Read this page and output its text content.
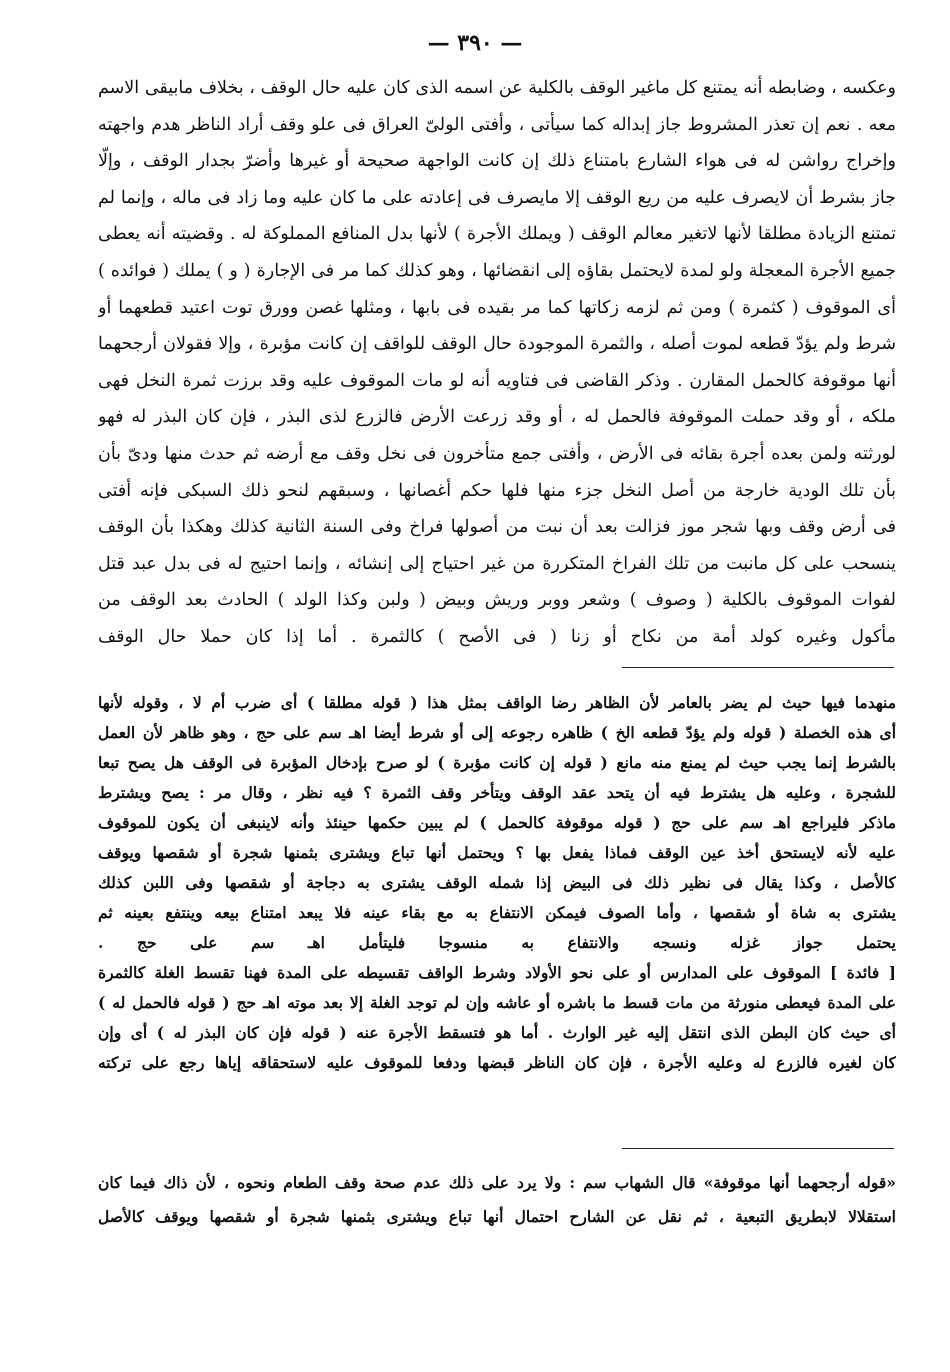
— ٣٩٠ —
وعكسه ، وضابطه أنه يمتنع كل ماغير الوقف بالكلية عن اسمه الذى كان عليه حال الوقف ، بخلاف مابيقى الاسم
معه . نعم إن تعذر المشروط جاز إبداله كما سيأتى ، وأفتى الولىّ العراق فى علو وقف أراد الناظر هدم واجهته
وإخراج رواشن له فى هواء الشارع بامتناع ذلك إن كانت الواجهة صحيحة أو غيرها وأضرّ بجدار الوقف ، وإلّا
جاز بشرط أن لايصرف عليه من ريع الوقف إلا مايصرف فى إعادته على ما كان عليه وما زاد فى ماله ، وإنما لم
تمتنع الزيادة مطلقا لأنها لاتغير معالم الوقف ( ويملك الأجرة ) لأنها بدل المنافع المملوكة له . وقضيته أنه يعطى
جميع الأجرة المعجلة ولو لمدة لايحتمل بقاؤه إلى انقضائها ، وهو كذلك كما مر فى الإجارة ( و ) يملك ( فوائده )
أى الموقوف ( كثمرة ) ومن ثم لزمه زكاتها كما مر بقيده فى بابها ، ومثلها غصن وورق توت اعتيد قطعهما أو
شرط ولم يؤدّ قطعه لموت أصله ، والثمرة الموجودة حال الوقف للواقف إن كانت مؤبرة ، وإلا فقولان أرجحهما
أنها موقوفة كالحمل المقارن . وذكر القاضى فى فتاويه أنه لو مات الموقوف عليه وقد برزت ثمرة النخل فهى
ملكه ، أو وقد حملت الموقوفة فالحمل له ، أو وقد زرعت الأرض فالزرع لذى البذر ، فإن كان البذر له فهو
لورثته ولمن بعده أجرة بقائه فى الأرض ، وأفتى جمع متأخرون فى نخل وقف مع أرضه ثم حدث منها ودىّ بأن
بأن تلك الودية خارجة من أصل النخل جزء منها فلها حكم أغصانها ، وسبقهم لنحو ذلك السبكى فإنه أفتى
فى أرض وقف وبها شجر موز فزالت بعد أن نبت من أصولها فراخ وفى السنة الثانية كذلك وهكذا بأن الوقف
ينسحب على كل مانبت من تلك الفراخ المتكررة من غير احتياج إلى إنشائه ، وإنما احتيج له فى بدل عبد قتل
لفوات الموقوف بالكلية ( وصوف ) وشعر ووبر وريش وبيض ( ولبن وكذا الولد ) الحادث بعد الوقف من
مأكول وغيره كولد أمة من نكاح أو زنا ( فى الأصح ) كالثمرة . أما إذا كان حملا حال الوقف
منهدما فيها حيث لم يضر بالعامر لأن الظاهر رضا الواقف بمثل هذا ( قوله مطلقا ) أى ضرب أم لا ، وقوله لأنها
أى هذه الخصلة ( قوله ولم يؤدّ قطعه الخ ) ظاهره رجوعه إلى أو شرط أيضا اهـ سم على حج ، وهو ظاهر لأن العمل
بالشرط إنما يجب حيث لم يمنع منه مانع ( قوله إن كانت مؤبرة ) لو صرح بإدخال المؤبرة فى الوقف هل يصح تبعا
للشجرة ، وعليه هل يشترط فيه أن يتحد عقد الوقف ويتأخر وقف الثمرة ؟ فيه نظر ، وقال مر : يصح ويشترط
ماذكر فليراجع اهـ سم على حج ( قوله موقوفة كالحمل ) لم يبين حكمها حينئذ وأنه لاينبغى أن يكون للموقوف
عليه لأنه لايستحق أخذ عين الوقف فماذا يفعل بها ؟ ويحتمل أنها تباع ويشترى بثمنها شجرة أو شقصها ويوقف
كالأصل ، وكذا يقال فى نظير ذلك فى البيض إذا شمله الوقف يشترى به دجاجة أو شقصها وفى اللبن كذلك
يشترى به شاة أو شقصها ، وأما الصوف فيمكن الانتفاع به مع بقاء عينه فلا يبعد امتناع بيعه وينتفع بعينه ثم
يحتمل جواز غزله ونسجه والانتفاع به منسوجا فليتأمل اهـ سم على حج .
[ فائدة ] الموقوف على المدارس أو على نحو الأولاد وشرط الواقف تقسيطه على المدة فهنا تقسط الغلة كالثمرة
على المدة فيعطى منورثة من مات قسط ما باشره أو عاشه وإن لم توجد الغلة إلا بعد موته اهـ حج ( قوله فالحمل له )
أى حيث كان البطن الذى انتقل إليه غير الوارث . أما هو فتسقط الأجرة عنه ( قوله فإن كان البذر له ) أى وإن
كان لغيره فالزرع له وعليه الأجرة ، فإن كان الناظر قبضها ودفعا للموقوف عليه لاستحقاقه إياها رجع على تركته
«قوله أرجحهما أنها موقوفة» قال الشهاب سم : ولا يرد على ذلك عدم صحة وقف الطعام ونحوه ، لأن ذاك فيما كان
استقلالا لابطريق التبعية ، ثم نقل عن الشارح احتمال أنها تباع ويشترى بثمنها شجرة أو شقصها ويوقف كالأصل
